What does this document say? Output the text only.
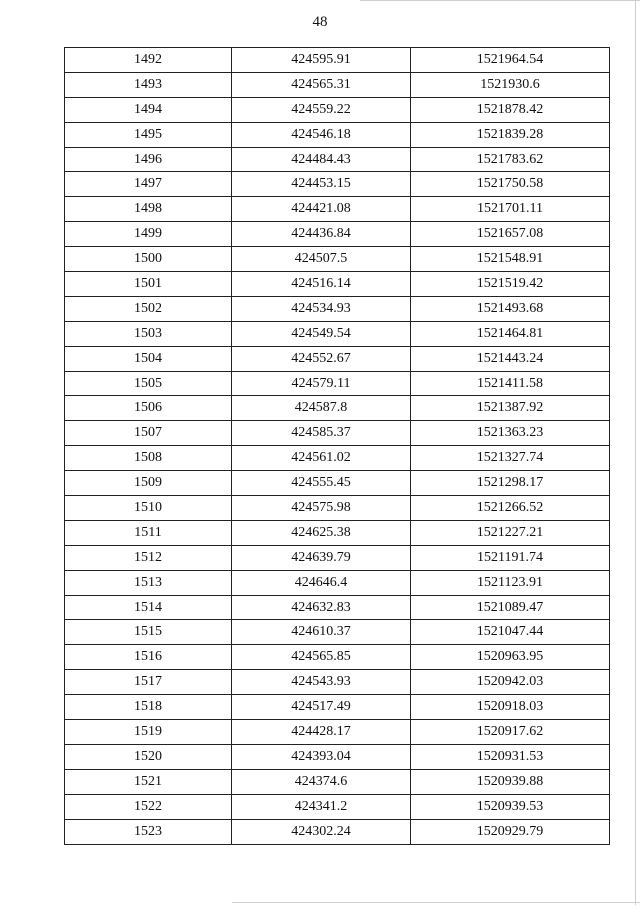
48
1492	424595.91	1521964.54
1493	424565.31	1521930.6
1494	424559.22	1521878.42
1495	424546.18	1521839.28
1496	424484.43	1521783.62
1497	424453.15	1521750.58
1498	424421.08	1521701.11
1499	424436.84	1521657.08
1500	424507.5	1521548.91
1501	424516.14	1521519.42
1502	424534.93	1521493.68
1503	424549.54	1521464.81
1504	424552.67	1521443.24
1505	424579.11	1521411.58
1506	424587.8	1521387.92
1507	424585.37	1521363.23
1508	424561.02	1521327.74
1509	424555.45	1521298.17
1510	424575.98	1521266.52
1511	424625.38	1521227.21
1512	424639.79	1521191.74
1513	424646.4	1521123.91
1514	424632.83	1521089.47
1515	424610.37	1521047.44
1516	424565.85	1520963.95
1517	424543.93	1520942.03
1518	424517.49	1520918.03
1519	424428.17	1520917.62
1520	424393.04	1520931.53
1521	424374.6	1520939.88
1522	424341.2	1520939.53
1523	424302.24	1520929.79
